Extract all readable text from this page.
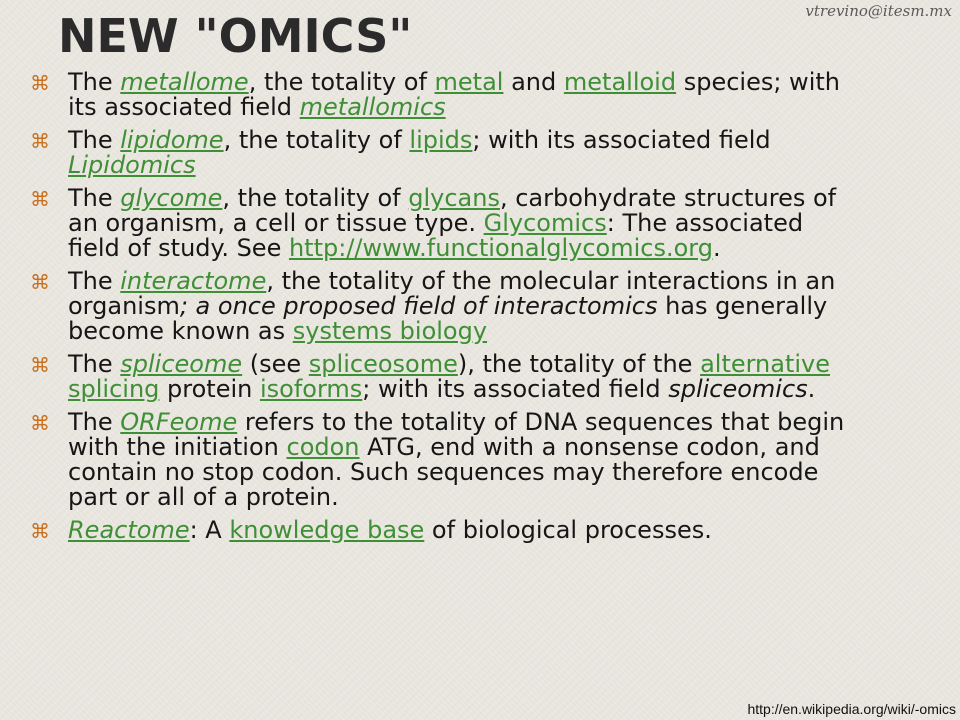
vtrevino@itesm.mx
NEW "OMICS"
⌘ The metallome, the totality of metal and metalloid species; with its associated field metallomics
⌘ The lipidome, the totality of lipids; with its associated field Lipidomics
⌘ The glycome, the totality of glycans, carbohydrate structures of an organism, a cell or tissue type. Glycomics: The associated field of study. See http://www.functionalglycomics.org.
⌘ The interactome, the totality of the molecular interactions in an organism; a once proposed field of interactomics has generally become known as systems biology
⌘ The spliceome (see spliceosome), the totality of the alternative splicing protein isoforms; with its associated field spliceomics.
⌘ The ORFeome refers to the totality of DNA sequences that begin with the initiation codon ATG, end with a nonsense codon, and contain no stop codon. Such sequences may therefore encode part or all of a protein.
⌘ Reactome: A knowledge base of biological processes.
http://en.wikipedia.org/wiki/-omics
